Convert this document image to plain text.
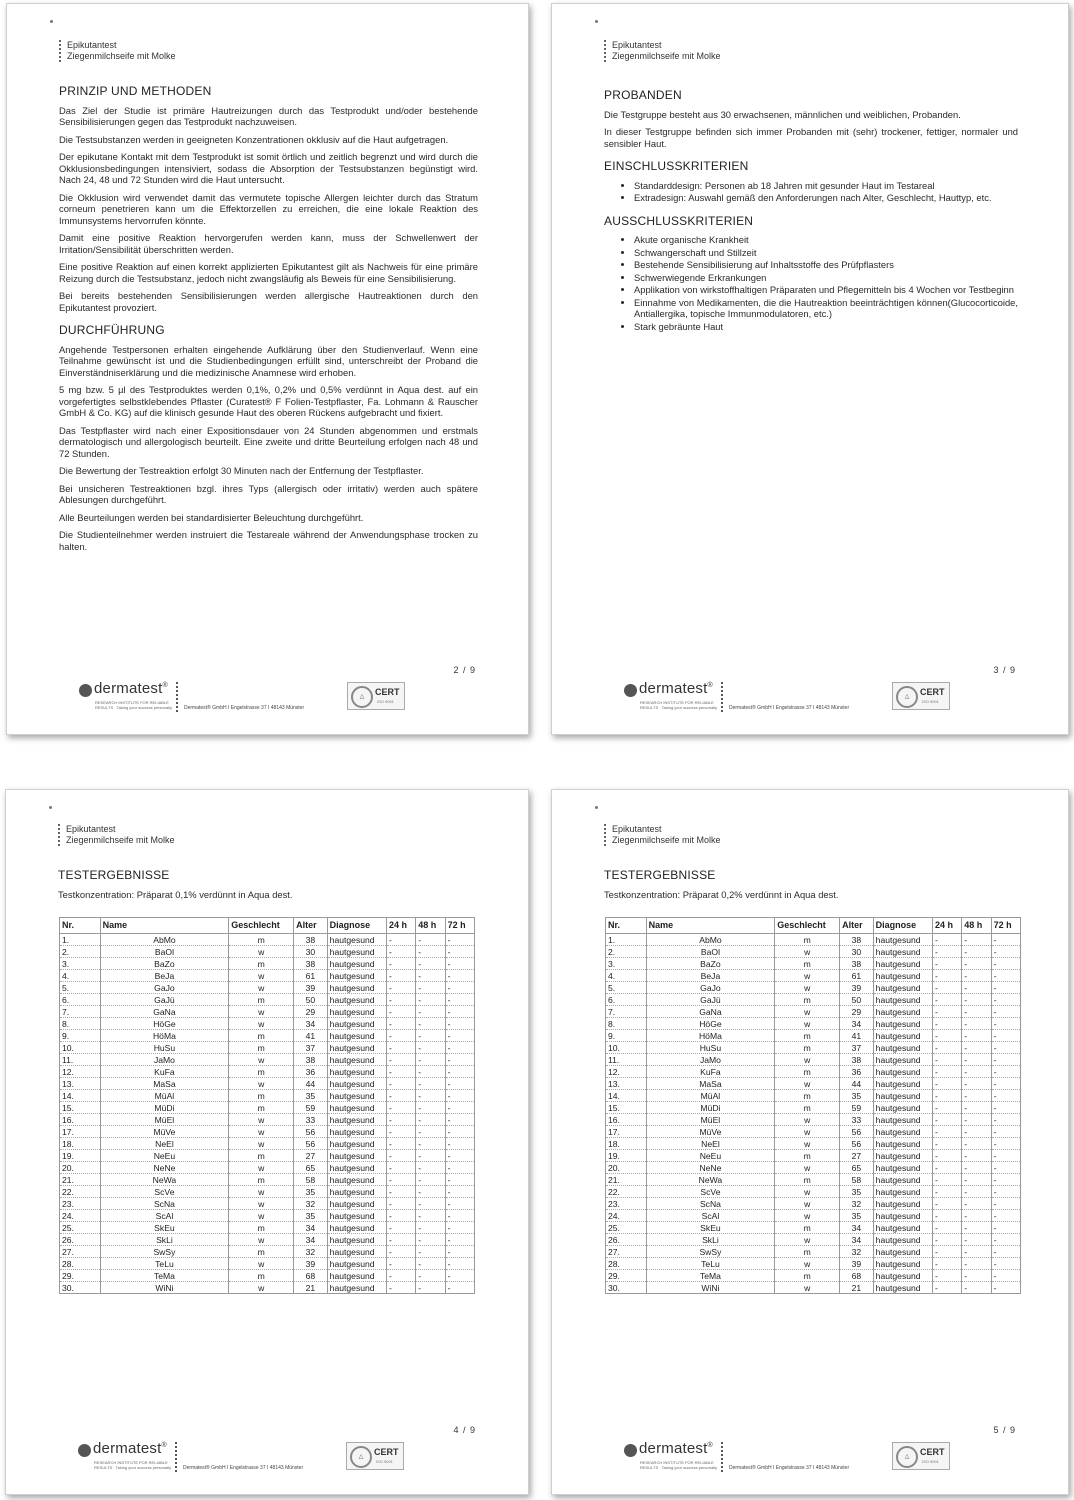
Epikutantest
Ziegenmilchseife mit Molke
PRINZIP UND METHODEN

Das Ziel der Studie ist primäre Hautreizungen durch das Testprodukt und/oder bestehende Sensibilisierungen gegen das Testprodukt nachzuweisen.

Die Testsubstanzen werden in geeigneten Konzentrationen okklusiv auf die Haut aufgetragen.

Der epikutane Kontakt mit dem Testprodukt ist somit örtlich und zeitlich begrenzt und wird durch die Okklusionsbedingungen intensiviert, sodass die Absorption der Testsubstanzen begünstigt wird. Nach 24, 48 und 72 Stunden wird die Haut untersucht.

Die Okklusion wird verwendet damit das vermutete topische Allergen leichter durch das Stratum corneum penetrieren kann um die Effektorzellen zu erreichen, die eine lokale Reaktion des Immunsystems hervorrufen könnte.

Damit eine positive Reaktion hervorgerufen werden kann, muss der Schwellenwert der Irritation/Sensibilität überschritten werden.

Eine positive Reaktion auf einen korrekt applizierten Epikutantest gilt als Nachweis für eine primäre Reizung durch die Testsubstanz, jedoch nicht zwangsläufig als Beweis für eine Sensibilisierung.

Bei bereits bestehenden Sensibilisierungen werden allergische Hautreaktionen durch den Epikutantest provoziert.

DURCHFÜHRUNG

Angehende Testpersonen erhalten eingehende Aufklärung über den Studienverlauf. Wenn eine Teilnahme gewünscht ist und die Studienbedingungen erfüllt sind, unterschreibt der Proband die Einverständniserklärung und die medizinische Anamnese wird erhoben.

5 mg bzw. 5 µl des Testproduktes werden 0,1%, 0,2% und 0,5% verdünnt in Aqua dest. auf ein vorgefertigtes selbstklebendes Pflaster (Curatest® F Folien-Testpflaster, Fa. Lohmann & Rauscher GmbH & Co. KG) auf die klinisch gesunde Haut des oberen Rückens aufgebracht und fixiert.

Das Testpflaster wird nach einer Expositionsdauer von 24 Stunden abgenommen und erstmals dermatologisch und allergologisch beurteilt. Eine zweite und dritte Beurteilung erfolgen nach 48 und 72 Stunden.

Die Bewertung der Testreaktion erfolgt 30 Minuten nach der Entfernung der Testpflaster.

Bei unsicheren Testreaktionen bzgl. ihres Typs (allergisch oder irritativ) werden auch spätere Ablesungen durchgeführt.

Alle Beurteilungen werden bei standardisierter Beleuchtung durchgeführt.

Die Studienteilnehmer werden instruiert die Testareale während der Anwendungsphase trocken zu halten.

2 / 9
dermatest®
RESEARCH INSTITUTE FOR RELIABLE RESULTS · Taking your success personally	Dermatest® GmbH I Engelstrasse 37 I 48143 Münster
△	CERT
ISO 9001
Epikutantest
Ziegenmilchseife mit Molke
PROBANDEN

Die Testgruppe besteht aus 30 erwachsenen, männlichen und weiblichen, Probanden.

In dieser Testgruppe befinden sich immer Probanden mit (sehr) trockener, fettiger, normaler und sensibler Haut.

EINSCHLUSSKRITERIEN
• Standarddesign: Personen ab 18 Jahren mit gesunder Haut im Testareal
• Extradesign: Auswahl gemäß den Anforderungen nach Alter, Geschlecht, Hauttyp, etc.
AUSSCHLUSSKRITERIEN
• Akute organische Krankheit
• Schwangerschaft und Stillzeit
• Bestehende Sensibilisierung auf Inhaltsstoffe des Prüfpflasters
• Schwerwiegende Erkrankungen
• Applikation von wirkstoffhaltigen Präparaten und Pflegemitteln bis 4 Wochen vor Testbeginn
• Einnahme von Medikamenten, die die Hautreaktion beeinträchtigen können(Glucocorticoide, Antiallergika, topische Immunmodulatoren, etc.)
• Stark gebräunte Haut
3 / 9
dermatest®
RESEARCH INSTITUTE FOR RELIABLE RESULTS · Taking your success personally	Dermatest® GmbH I Engelstrasse 37 I 48143 Münster
△	CERT
ISO 9001
Epikutantest
Ziegenmilchseife mit Molke
TESTERGEBNISSE
Testkonzentration: Präparat 0,1% verdünnt in Aqua dest.
Nr.	Name	Geschlecht	Alter	Diagnose	24 h	48 h	72 h
1.	AbMo	m	38	hautgesund	-	-	-
2.	BaOl	w	30	hautgesund	-	-	-
3.	BaZo	m	38	hautgesund	-	-	-
4.	BeJa	w	61	hautgesund	-	-	-
5.	GaJo	w	39	hautgesund	-	-	-
6.	GaJü	m	50	hautgesund	-	-	-
7.	GaNa	w	29	hautgesund	-	-	-
8.	HöGe	w	34	hautgesund	-	-	-
9.	HöMa	m	41	hautgesund	-	-	-
10.	HuSu	m	37	hautgesund	-	-	-
11.	JaMo	w	38	hautgesund	-	-	-
12.	KuFa	m	36	hautgesund	-	-	-
13.	MaSa	w	44	hautgesund	-	-	-
14.	MüAl	m	35	hautgesund	-	-	-
15.	MüDi	m	59	hautgesund	-	-	-
16.	MüEl	w	33	hautgesund	-	-	-
17.	MüVe	w	56	hautgesund	-	-	-
18.	NeEl	w	56	hautgesund	-	-	-
19.	NeEu	m	27	hautgesund	-	-	-
20.	NeNe	w	65	hautgesund	-	-	-
21.	NeWa	m	58	hautgesund	-	-	-
22.	ScVe	w	35	hautgesund	-	-	-
23.	ScNa	w	32	hautgesund	-	-	-
24.	ScAl	w	35	hautgesund	-	-	-
25.	SkEu	m	34	hautgesund	-	-	-
26.	SkLi	w	34	hautgesund	-	-	-
27.	SwSy	m	32	hautgesund	-	-	-
28.	TeLu	w	39	hautgesund	-	-	-
29.	TeMa	m	68	hautgesund	-	-	-
30.	WiNi	w	21	hautgesund	-	-	-
4 / 9
dermatest®
RESEARCH INSTITUTE FOR RELIABLE RESULTS · Taking your success personally	Dermatest® GmbH I Engelstrasse 37 I 48143 Münster
△	CERT
ISO 9001
Epikutantest
Ziegenmilchseife mit Molke
TESTERGEBNISSE
Testkonzentration: Präparat 0,2% verdünnt in Aqua dest.
Nr.	Name	Geschlecht	Alter	Diagnose	24 h	48 h	72 h
1.	AbMo	m	38	hautgesund	-	-	-
2.	BaOl	w	30	hautgesund	-	-	-
3.	BaZo	m	38	hautgesund	-	-	-
4.	BeJa	w	61	hautgesund	-	-	-
5.	GaJo	w	39	hautgesund	-	-	-
6.	GaJü	m	50	hautgesund	-	-	-
7.	GaNa	w	29	hautgesund	-	-	-
8.	HöGe	w	34	hautgesund	-	-	-
9.	HöMa	m	41	hautgesund	-	-	-
10.	HuSu	m	37	hautgesund	-	-	-
11.	JaMo	w	38	hautgesund	-	-	-
12.	KuFa	m	36	hautgesund	-	-	-
13.	MaSa	w	44	hautgesund	-	-	-
14.	MüAl	m	35	hautgesund	-	-	-
15.	MüDi	m	59	hautgesund	-	-	-
16.	MüEl	w	33	hautgesund	-	-	-
17.	MüVe	w	56	hautgesund	-	-	-
18.	NeEl	w	56	hautgesund	-	-	-
19.	NeEu	m	27	hautgesund	-	-	-
20.	NeNe	w	65	hautgesund	-	-	-
21.	NeWa	m	58	hautgesund	-	-	-
22.	ScVe	w	35	hautgesund	-	-	-
23.	ScNa	w	32	hautgesund	-	-	-
24.	ScAl	w	35	hautgesund	-	-	-
25.	SkEu	m	34	hautgesund	-	-	-
26.	SkLi	w	34	hautgesund	-	-	-
27.	SwSy	m	32	hautgesund	-	-	-
28.	TeLu	w	39	hautgesund	-	-	-
29.	TeMa	m	68	hautgesund	-	-	-
30.	WiNi	w	21	hautgesund	-	-	-
5 / 9
dermatest®
RESEARCH INSTITUTE FOR RELIABLE RESULTS · Taking your success personally	Dermatest® GmbH I Engelstrasse 37 I 48143 Münster
△	CERT
ISO 9001
